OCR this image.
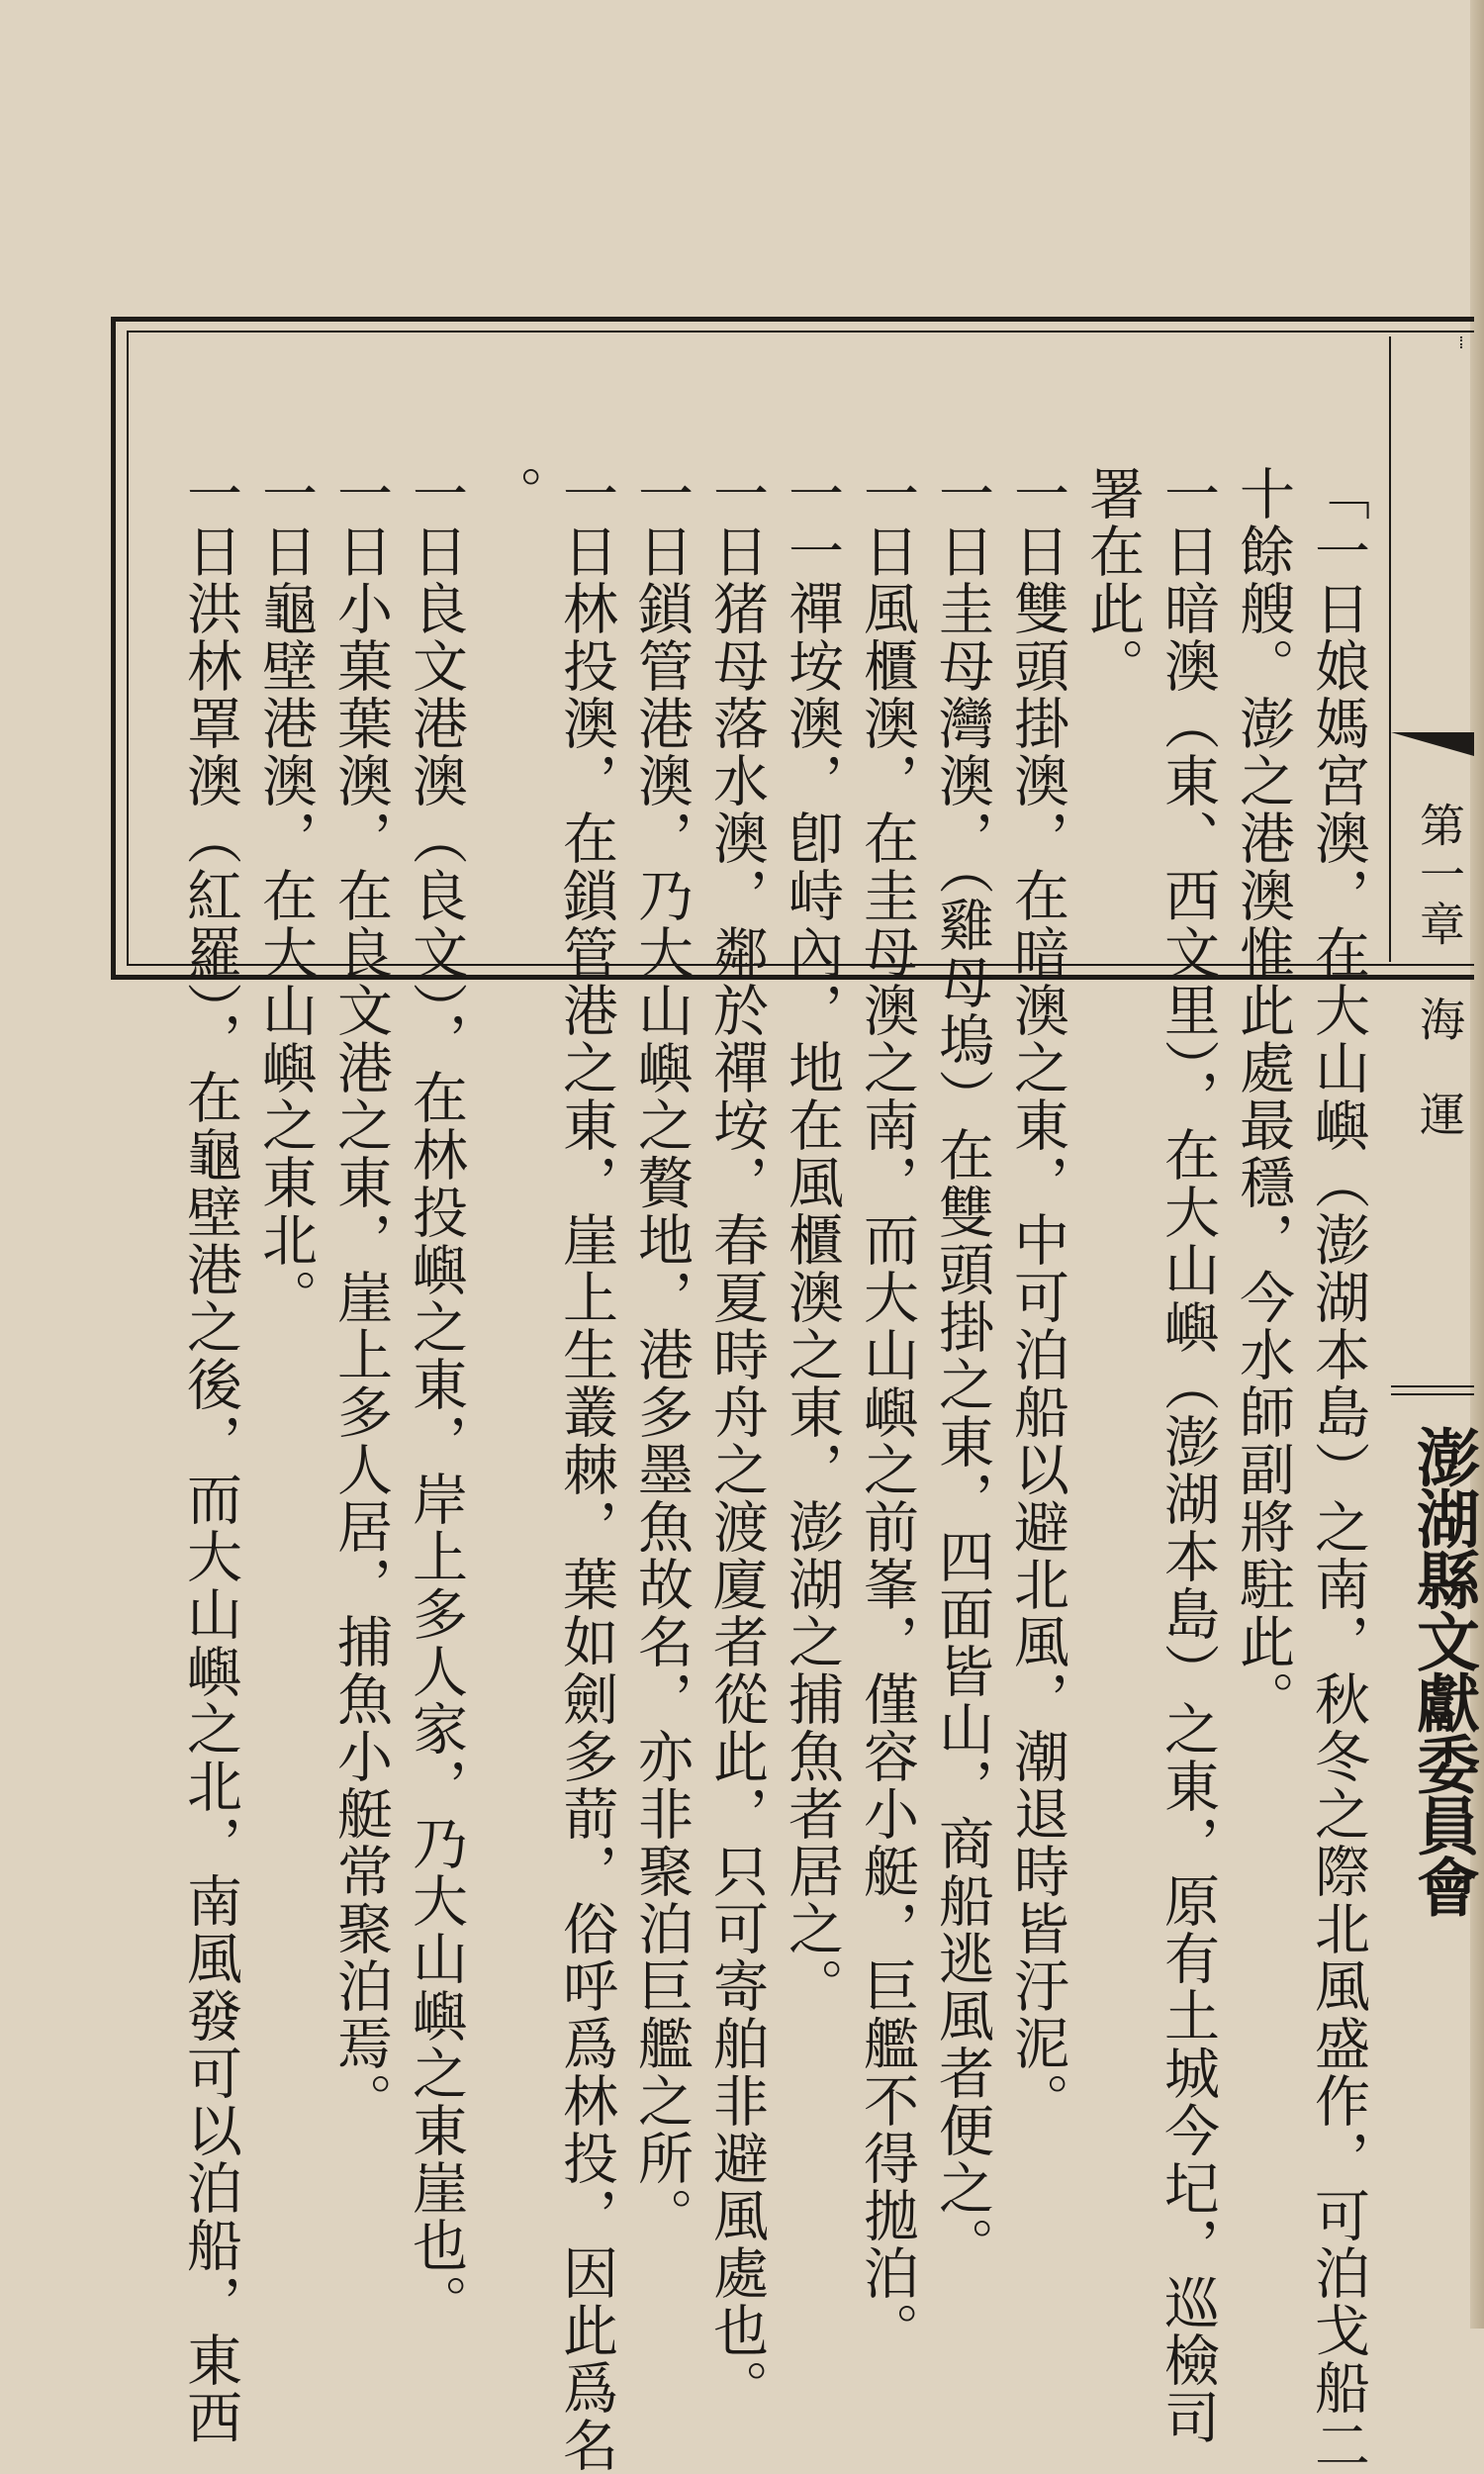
第一章海運
澎湖縣文獻委員會
「一日娘媽宮澳，在大山嶼（澎湖本島）之南，秋冬之際北風盛作，可泊戈船二
十餘艘。澎之港澳惟此處最穩，今水師副將駐此。
一日暗澳（東、西文里），在大山嶼（澎湖本島）之東，原有土城今圮，巡檢司
署在此。
一日雙頭掛澳，在暗澳之東，中可泊船以避北風，潮退時皆汙泥。
一日圭母灣澳，（雞母塢）在雙頭掛之東，四面皆山，商船逃風者便之。
一日風櫃澳，在圭母澳之南，而大山嶼之前峯，僅容小艇，巨艦不得拋泊。
一一禪垵澳，卽峙內，地在風櫃澳之東，澎湖之捕魚者居之。
一日猪母落水澳，鄰於禪垵，春夏時舟之渡廈者從此，只可寄舶非避風處也。
一日鎖管港澳，乃大山嶼之贅地，港多墨魚故名，亦非聚泊巨艦之所。
一日林投澳，在鎖管港之東，崖上生叢棘，葉如劍多葥，俗呼爲林投，因此爲名
。
一日良文港澳（良文），在林投嶼之東，岸上多人家，乃大山嶼之東崖也。
一日小菓葉澳，在良文港之東，崖上多人居，捕魚小艇常聚泊焉。
一日龜壁港澳，在大山嶼之東北。
一日洪林罩澳（紅羅），在龜壁港之後，而大山嶼之北，南風發可以泊船，東西
